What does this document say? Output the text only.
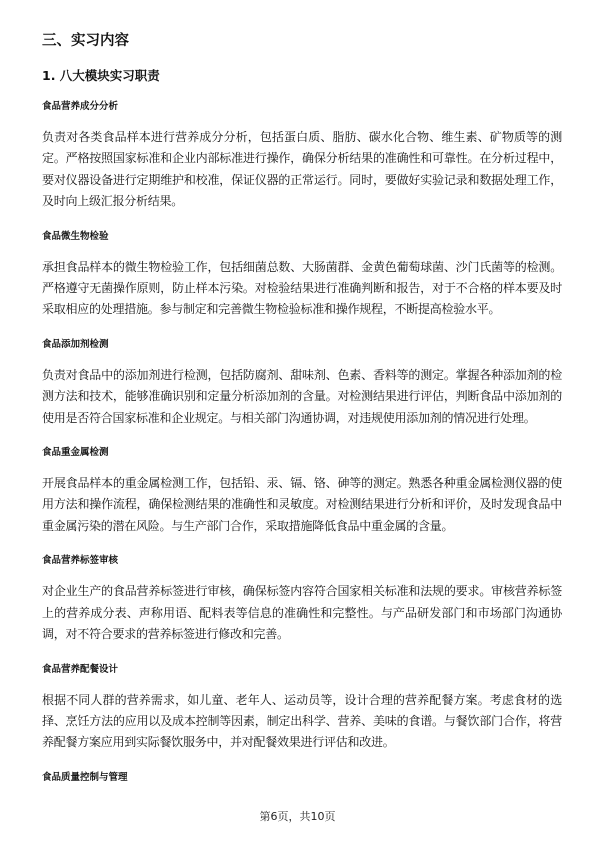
三、实习内容
1. 八大模块实习职责
食品营养成分分析
负责对各类食品样本进行营养成分分析，包括蛋白质、脂肪、碳水化合物、维生素、矿物质等的测定。严格按照国家标准和企业内部标准进行操作，确保分析结果的准确性和可靠性。在分析过程中，要对仪器设备进行定期维护和校准，保证仪器的正常运行。同时，要做好实验记录和数据处理工作，及时向上级汇报分析结果。
食品微生物检验
承担食品样本的微生物检验工作，包括细菌总数、大肠菌群、金黄色葡萄球菌、沙门氏菌等的检测。严格遵守无菌操作原则，防止样本污染。对检验结果进行准确判断和报告，对于不合格的样本要及时采取相应的处理措施。参与制定和完善微生物检验标准和操作规程，不断提高检验水平。
食品添加剂检测
负责对食品中的添加剂进行检测，包括防腐剂、甜味剂、色素、香料等的测定。掌握各种添加剂的检测方法和技术，能够准确识别和定量分析添加剂的含量。对检测结果进行评估，判断食品中添加剂的使用是否符合国家标准和企业规定。与相关部门沟通协调，对违规使用添加剂的情况进行处理。
食品重金属检测
开展食品样本的重金属检测工作，包括铅、汞、镉、铬、砷等的测定。熟悉各种重金属检测仪器的使用方法和操作流程，确保检测结果的准确性和灵敏度。对检测结果进行分析和评价，及时发现食品中重金属污染的潜在风险。与生产部门合作，采取措施降低食品中重金属的含量。
食品营养标签审核
对企业生产的食品营养标签进行审核，确保标签内容符合国家相关标准和法规的要求。审核营养标签上的营养成分表、声称用语、配料表等信息的准确性和完整性。与产品研发部门和市场部门沟通协调，对不符合要求的营养标签进行修改和完善。
食品营养配餐设计
根据不同人群的营养需求，如儿童、老年人、运动员等，设计合理的营养配餐方案。考虑食材的选择、烹饪方法的应用以及成本控制等因素，制定出科学、营养、美味的食谱。与餐饮部门合作，将营养配餐方案应用到实际餐饮服务中，并对配餐效果进行评估和改进。
食品质量控制与管理
第6页，共10页
